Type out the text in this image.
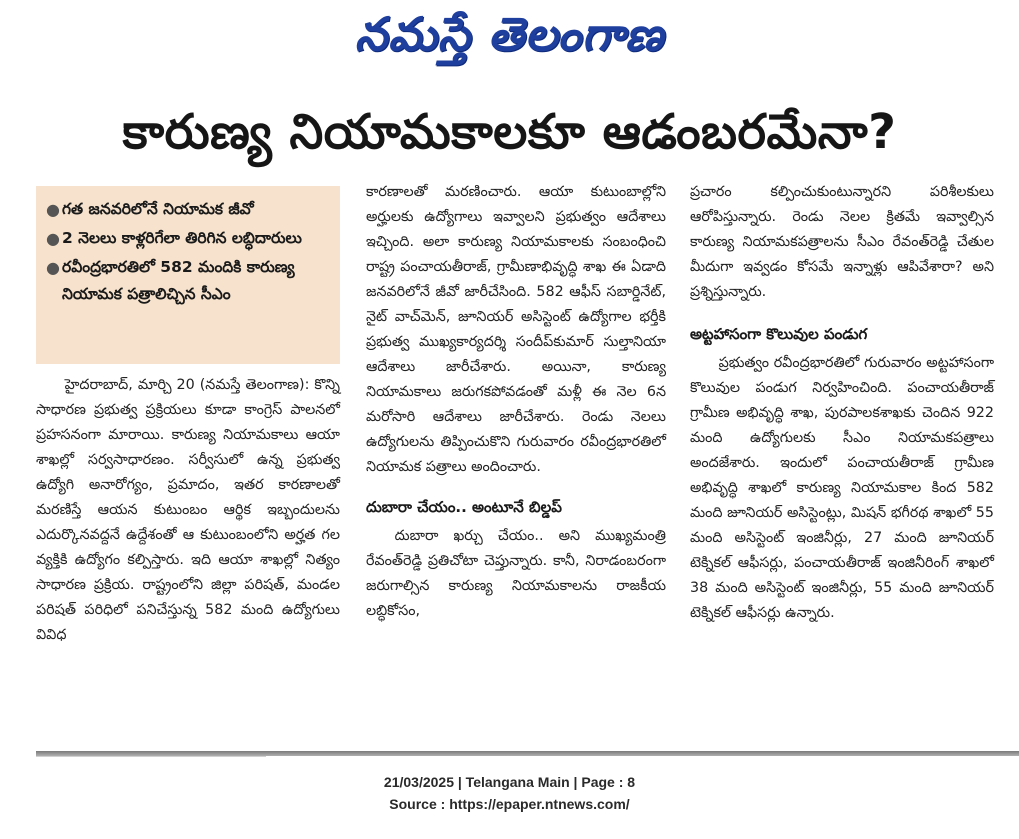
నమస్తే తెలంగాణ
కారుణ్య నియామకాలకూ ఆడంబరమేనా?
● గత జనవరిలోనే నియామక జీవో
● 2 నెలలు కాళ్లరిగేలా తిరిగిన లబ్ధిదారులు
● రవీంద్రభారతిలో 582 మందికి కారుణ్య నియామక పత్రాలిచ్చిన సీఎం

హైదరాబాద్, మార్చి 20 (నమస్తే తెలంగాణ): కొన్ని సాధారణ ప్రభుత్వ ప్రక్రియలు కూడా కాంగ్రెస్ పాలనలో ప్రహసనంగా మారాయి. కారుణ్య నియామకాలు ఆయా శాఖల్లో సర్వసాధారణం. సర్వీసులో ఉన్న ప్రభుత్వ ఉద్యోగి అనారోగ్యం, ప్రమాదం, ఇతర కారణాలతో మరణిస్తే ఆయన కుటుంబం ఆర్థిక ఇబ్బందులను ఎదుర్కొనవద్దనే ఉద్దేశంతో ఆ కుటుంబంలోని అర్హత గల వ్యక్తికి ఉద్యోగం కల్పిస్తారు. ఇది ఆయా శాఖల్లో నిత్యం సాధారణ ప్రక్రియ. రాష్ట్రంలోని జిల్లా పరిషత్, మండల పరిషత్ పరిధిలో పనిచేస్తున్న 582 మంది ఉద్యోగులు వివిధ

కారణాలతో మరణించారు. ఆయా కుటుంబాల్లోని అర్హులకు ఉద్యోగాలు ఇవ్వాలని ప్రభుత్వం ఆదేశాలు ఇచ్చింది. అలా కారుణ్య నియామకాలకు సంబంధించి రాష్ట్ర పంచాయతీరాజ్, గ్రామీణాభివృద్ధి శాఖ ఈ ఏడాది జనవరిలోనే జీవో జారీచేసింది. 582 ఆఫీస్ సబార్డినేట్, నైట్ వాచ్‌మెన్, జూనియర్ అసిస్టెంట్ ఉద్యోగాల భర్తీకి ప్రభుత్వ ముఖ్యకార్యదర్శి సందీప్‌కుమార్ సుల్తానియా ఆదేశాలు జారీచేశారు. అయినా, కారుణ్య నియామకాలు జరుగకపోవడంతో మళ్లీ ఈ నెల 6న మరోసారి ఆదేశాలు జారీచేశారు. రెండు నెలలు ఉద్యోగులను తిప్పించుకొని గురువారం రవీంద్రభారతిలో నియామక పత్రాలు అందించారు.

దుబారా చేయం.. అంటూనే బిల్డప్

దుబారా ఖర్చు చేయం.. అని ముఖ్యమంత్రి రేవంత్‌రెడ్డి ప్రతిచోటా చెప్తున్నారు. కానీ, నిరాడంబరంగా జరుగాల్సిన కారుణ్య నియామకాలను రాజకీయ లబ్ధికోసం,

ప్రచారం కల్పించుకుంటున్నారని పరిశీలకులు ఆరోపిస్తున్నారు. రెండు నెలల క్రితమే ఇవ్వాల్సిన కారుణ్య నియామకపత్రాలను సీఎం రేవంత్‌రెడ్డి చేతుల మీదుగా ఇవ్వడం కోసమే ఇన్నాళ్లు ఆపివేశారా? అని ప్రశ్నిస్తున్నారు.

అట్టహాసంగా కొలువుల పండుగ

ప్రభుత్వం రవీంద్రభారతిలో గురువారం అట్టహాసంగా కొలువుల పండుగ నిర్వహించింది. పంచాయతీరాజ్ గ్రామీణ అభివృద్ధి శాఖ, పురపాలకశాఖకు చెందిన 922 మంది ఉద్యోగులకు సీఎం నియామకపత్రాలు అందజేశారు. ఇందులో పంచాయతీరాజ్ గ్రామీణ అభివృద్ధి శాఖలో కారుణ్య నియామకాల కింద 582 మంది జూనియర్ అసిస్టెంట్లు, మిషన్ భగీరథ శాఖలో 55 మంది అసిస్టెంట్ ఇంజినీర్లు, 27 మంది జూనియర్ టెక్నికల్ ఆఫీసర్లు, పంచాయతీరాజ్ ఇంజినీరింగ్ శాఖలో 38 మంది అసిస్టెంట్ ఇంజినీర్లు, 55 మంది జూనియర్ టెక్నికల్ ఆఫీసర్లు ఉన్నారు.

21/03/2025 | Telangana Main | Page : 8
Source : https://epaper.ntnews.com/
